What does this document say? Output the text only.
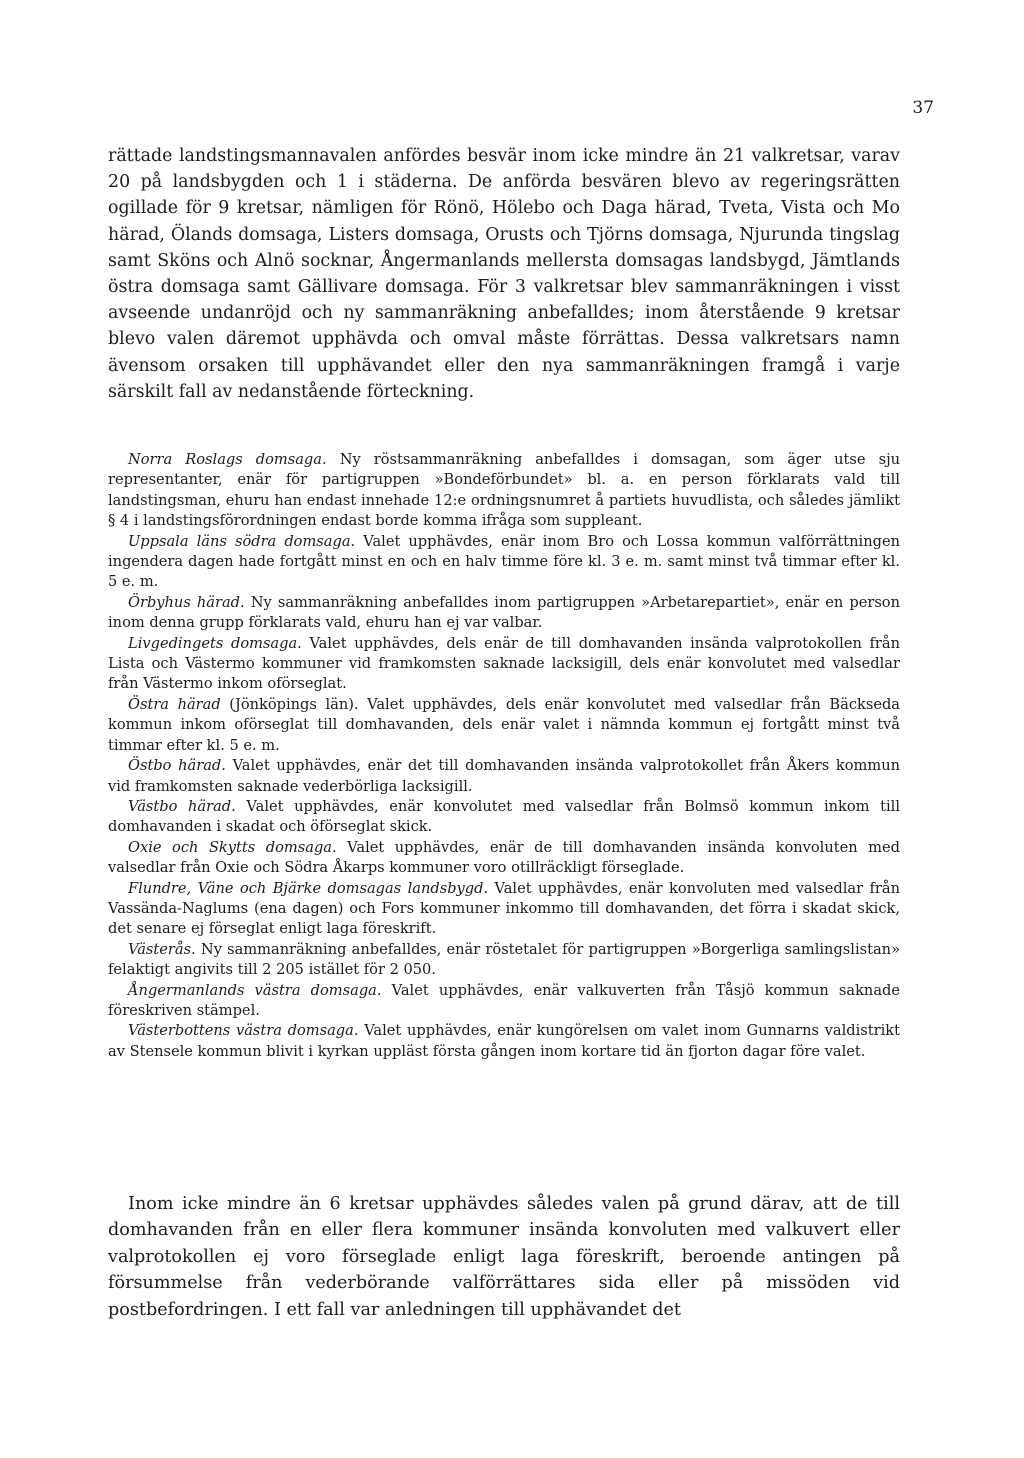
37

rättade landstingsmannavalen anfördes besvär inom icke mindre än 21 valkretsar, varav 20 på landsbygden och 1 i städerna. De anförda besvären blevo av regeringsrätten ogillade för 9 kretsar, nämligen för Rönö, Hölebo och Daga härad, Tveta, Vista och Mo härad, Ölands domsaga, Listers domsaga, Orusts och Tjörns domsaga, Njurunda tingslag samt Sköns och Alnö socknar, Ångermanlands mellersta domsagas landsbygd, Jämtlands östra domsaga samt Gällivare domsaga. För 3 valkretsar blev sammanräkningen i visst avseende undanröjd och ny sammanräkning anbefalldes; inom återstående 9 kretsar blevo valen däremot upphävda och omval måste förrättas. Dessa valkretsars namn ävensom orsaken till upphävandet eller den nya sammanräkningen framgå i varje särskilt fall av nedanstående förteckning.

Norra Roslags domsaga. Ny röstsammanräkning anbefalldes i domsagan, som äger utse sju representanter, enär för partigruppen »Bondeförbundet» bl. a. en person förklarats vald till landstingsman, ehuru han endast innehade 12:e ordningsnumret å partiets huvudlista, och således jämlikt § 4 i landstingsförordningen endast borde komma ifråga som suppleant.

Uppsala läns södra domsaga. Valet upphävdes, enär inom Bro och Lossa kommun valförrättningen ingendera dagen hade fortgått minst en och en halv timme före kl. 3 e. m. samt minst två timmar efter kl. 5 e. m.

Örbyhus härad. Ny sammanräkning anbefalldes inom partigruppen »Arbetarepartiet», enär en person inom denna grupp förklarats vald, ehuru han ej var valbar.

Livgedingets domsaga. Valet upphävdes, dels enär de till domhavanden insända valprotokollen från Lista och Västermo kommuner vid framkomsten saknade lacksigill, dels enär konvolutet med valsedlar från Västermo inkom oförseglat.

Östra härad (Jönköpings län). Valet upphävdes, dels enär konvolutet med valsedlar från Bäckseda kommun inkom oförseglat till domhavanden, dels enär valet i nämnda kommun ej fortgått minst två timmar efter kl. 5 e. m.

Östbo härad. Valet upphävdes, enär det till domhavanden insända valprotokollet från Åkers kommun vid framkomsten saknade vederbörliga lacksigill.

Västbo härad. Valet upphävdes, enär konvolutet med valsedlar från Bolmsö kommun inkom till domhavanden i skadat och öförseglat skick.

Oxie och Skytts domsaga. Valet upphävdes, enär de till domhavanden insända konvoluten med valsedlar från Oxie och Södra Åkarps kommuner voro otillräckligt förseglade.

Flundre, Väne och Bjärke domsagas landsbygd. Valet upphävdes, enär konvoluten med valsedlar från Vassända-Naglums (ena dagen) och Fors kommuner inkommo till domhavanden, det förra i skadat skick, det senare ej förseglat enligt laga föreskrift.

Västerås. Ny sammanräkning anbefalldes, enär röstetalet för partigruppen »Borgerliga samlingslistan» felaktigt angivits till 2 205 istället för 2 050.

Ångermanlands västra domsaga. Valet upphävdes, enär valkuverten från Tåsjö kommun saknade föreskriven stämpel.

Västerbottens västra domsaga. Valet upphävdes, enär kungörelsen om valet inom Gunnarns valdistrikt av Stensele kommun blivit i kyrkan uppläst första gången inom kortare tid än fjorton dagar före valet.

Inom icke mindre än 6 kretsar upphävdes således valen på grund därav, att de till domhavanden från en eller flera kommuner insända konvoluten med valkuvert eller valprotokollen ej voro förseglade enligt laga föreskrift, beroende antingen på försummelse från vederbörande valförrättares sida eller på missöden vid postbefordringen. I ett fall var anledningen till upphävandet det
